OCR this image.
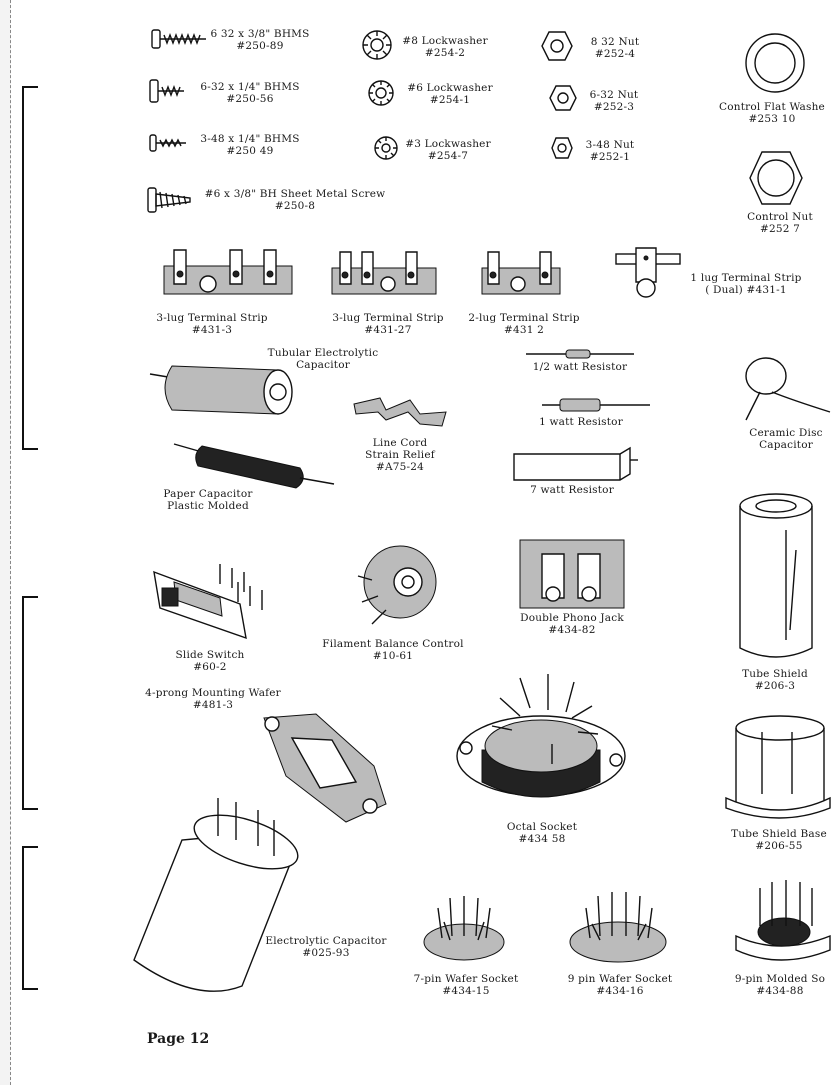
6 32 x 3/8" BHMS
#250-89	#8 Lockwasher
#254-2
8 32 Nut
#252-4
Control Flat Washe
#253 10
6-32 x 1/4" BHMS
#250-56
#6 Lockwasher
#254-1	6-32 Nut
#252-3
3-48 x 1/4" BHMS
#250 49
#3 Lockwasher
#254-7
3-48 Nut
#252-1
Control Nut
#252 7
#6 x 3/8" BH Sheet Metal Screw
#250-8
3-lug Terminal Strip
#431-3
3-lug Terminal Strip
#431-27
2-lug Terminal Strip
#431 2
1 lug Terminal Strip
( Dual) #431-1
Tubular Electrolytic
Capacitor	1/2 watt Resistor
1 watt Resistor
Ceramic Disc
Capacitor
Line Cord
Strain Relief
#A75-24
Paper Capacitor
Plastic Molded
7 watt Resistor
Tube Shield
#206-3
Slide Switch
#60-2
Filament Balance Control
#10-61
Double Phono Jack
#434-82
4-prong Mounting Wafer
#481-3
Electrolytic Capacitor
#025-93
Octal Socket
#434 58	Tube Shield Base
#206-55
7-pin Wafer Socket
#434-15
9 pin Wafer Socket
#434-16
9-pin Molded So
#434-88
Page 12
